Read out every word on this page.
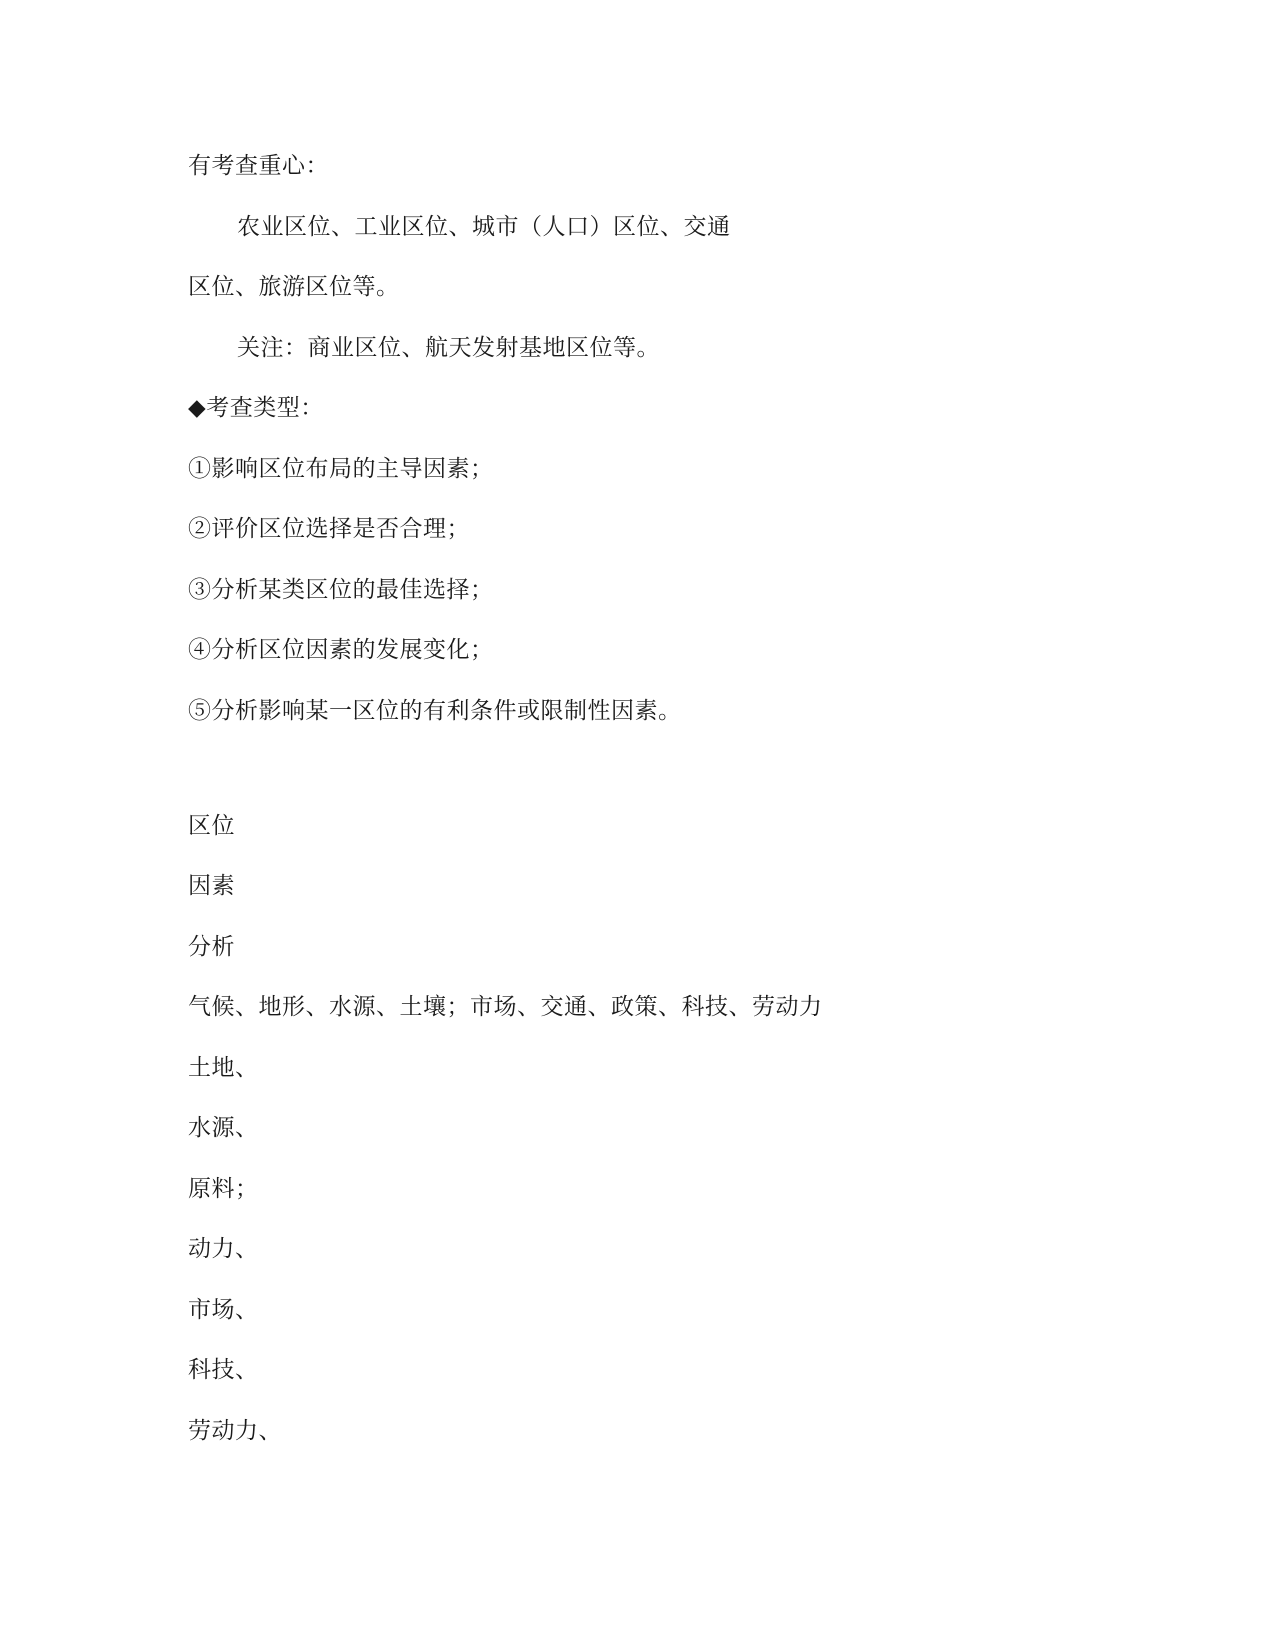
有考查重心：
农业区位、工业区位、城市（人口）区位、交通
区位、旅游区位等。
关注：商业区位、航天发射基地区位等。
◆考查类型：
①影响区位布局的主导因素；
②评价区位选择是否合理；
③分析某类区位的最佳选择；
④分析区位因素的发展变化；
⑤分析影响某一区位的有利条件或限制性因素。
区位
因素
分析
气候、地形、水源、土壤；市场、交通、政策、科技、劳动力
土地、
水源、
原料；
动力、
市场、
科技、
劳动力、
